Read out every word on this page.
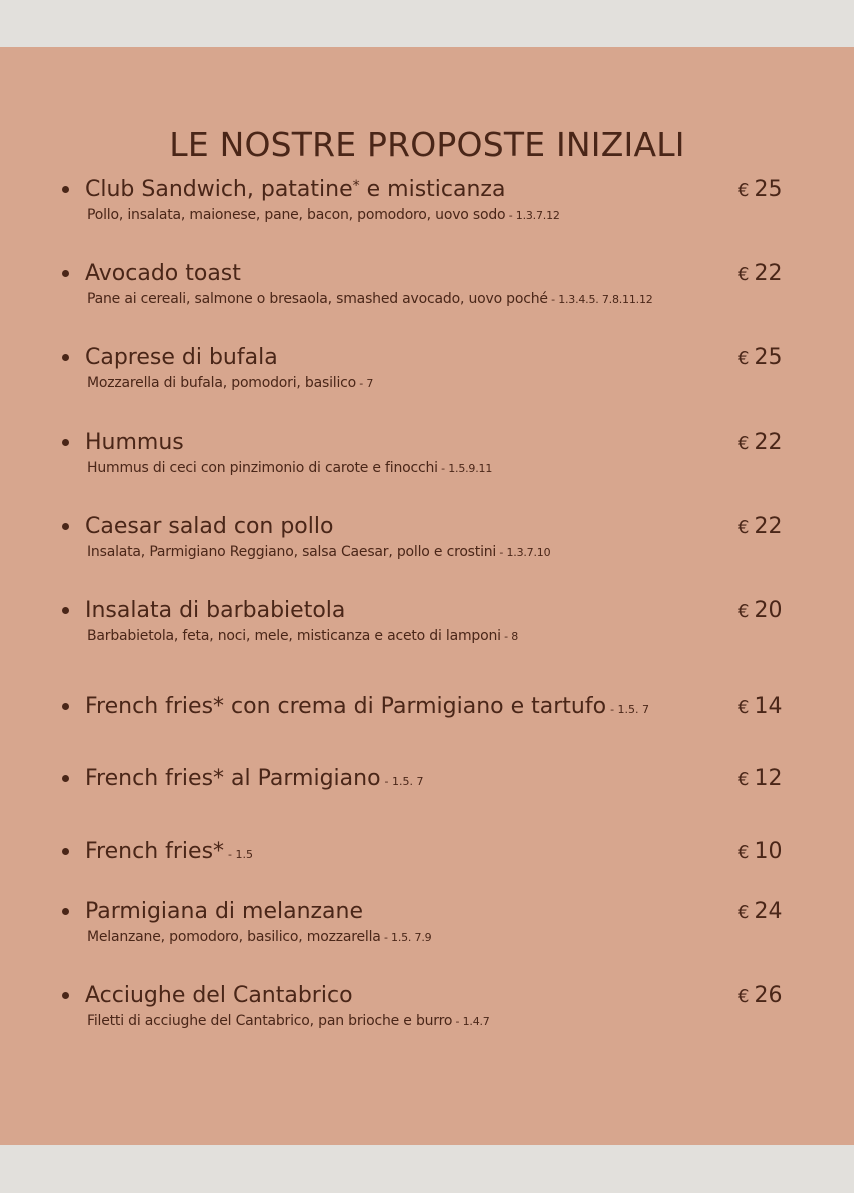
LE NOSTRE PROPOSTE INIZIALI
Club Sandwich, patatine* e misticanza
Pollo, insalata, maionese, pane, bacon, pomodoro, uovo sodo - 1.3.7.12
€ 25
Avocado toast
Pane ai cereali, salmone o bresaola, smashed avocado, uovo poché - 1.3.4.5. 7.8.11.12
€ 22
Caprese di bufala
Mozzarella di bufala, pomodori, basilico - 7
€ 25
Hummus
Hummus di ceci con pinzimonio di carote e finocchi - 1.5.9.11
€ 22
Caesar salad con pollo
Insalata, Parmigiano Reggiano, salsa Caesar, pollo e crostini - 1.3.7.10
€ 22
Insalata di barbabietola
Barbabietola, feta, noci, mele, misticanza e aceto di lamponi - 8
€ 20
French fries* con crema di Parmigiano e tartufo - 1.5. 7	€ 14
French fries* al Parmigiano - 1.5. 7	€ 12
French fries* - 1.5	€ 10
Parmigiana di melanzane
Melanzane, pomodoro, basilico, mozzarella - 1.5. 7.9
€ 24
Acciughe del Cantabrico
Filetti di acciughe del Cantabrico, pan brioche e burro - 1.4.7
€ 26
